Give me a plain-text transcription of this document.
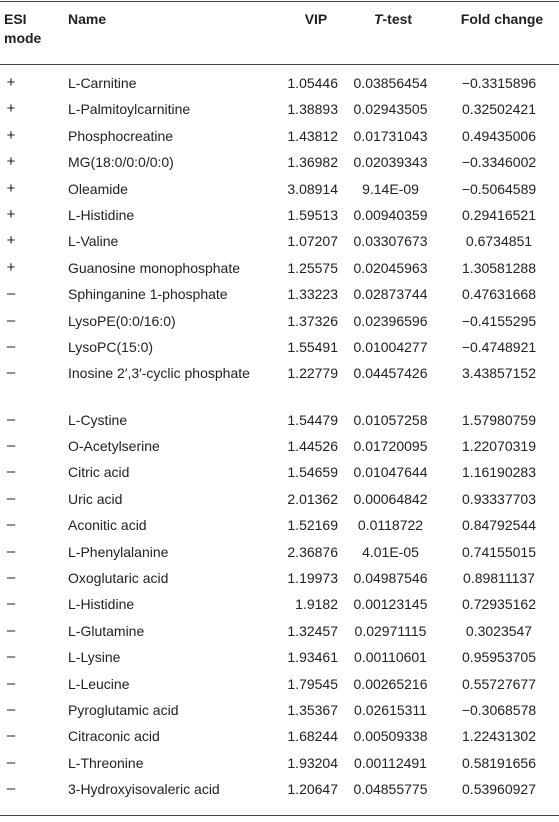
ESI
mode
Name	VIP	T-test	Fold change
+	L-Carnitine	1.05446 0.03856454	−0.3315896
+	L-Palmitoylcarnitine	1.38893 0.02943505	0.32502421
+	Phosphocreatine	1.43812 0.01731043	0.49435006
+	MG(18:0/0:0/0:0)	1.36982 0.02039343	−0.3346002
+	Oleamide	3.08914	9.14E-09	−0.5064589
+	L-Histidine	1.59513 0.00940359	0.29416521
+	L-Valine	1.07207 0.03307673	0.6734851
+	Guanosine monophosphate	1.25575 0.02045963	1.30581288
–	Sphinganine 1-phosphate	1.33223 0.02873744	0.47631668
–	LysoPE(0:0/16:0)	1.37326 0.02396596	−0.4155295
–	LysoPC(15:0)	1.55491 0.01004277	−0.4748921
–	Inosine 2′,3′-cyclic phosphate	1.22779 0.04457426	3.43857152
–	L-Cystine	1.54479 0.01057258	1.57980759
–	O-Acetylserine	1.44526 0.01720095	1.22070319
–	Citric acid	1.54659 0.01047644	1.16190283
–	Uric acid	2.01362 0.00064842	0.93337703
–	Aconitic acid	1.52169	0.0118722	0.84792544
–	L-Phenylalanine	2.36876	4.01E-05	0.74155015
–	Oxoglutaric acid	1.19973 0.04987546	0.89811137
–	L-Histidine	1.9182 0.00123145	0.72935162
–	L-Glutamine	1.32457	0.02971115	0.3023547
–	L-Lysine	1.93461 0.00110601	0.95953705
–	L-Leucine	1.79545 0.00265216	0.55727677
–	Pyroglutamic acid	1.35367 0.02615311	−0.3068578
–	Citraconic acid	1.68244 0.00509338	1.22431302
–	L-Threonine	1.93204 0.00112491	0.58191656
–	3-Hydroxyisovaleric acid	1.20647 0.04855775	0.53960927
